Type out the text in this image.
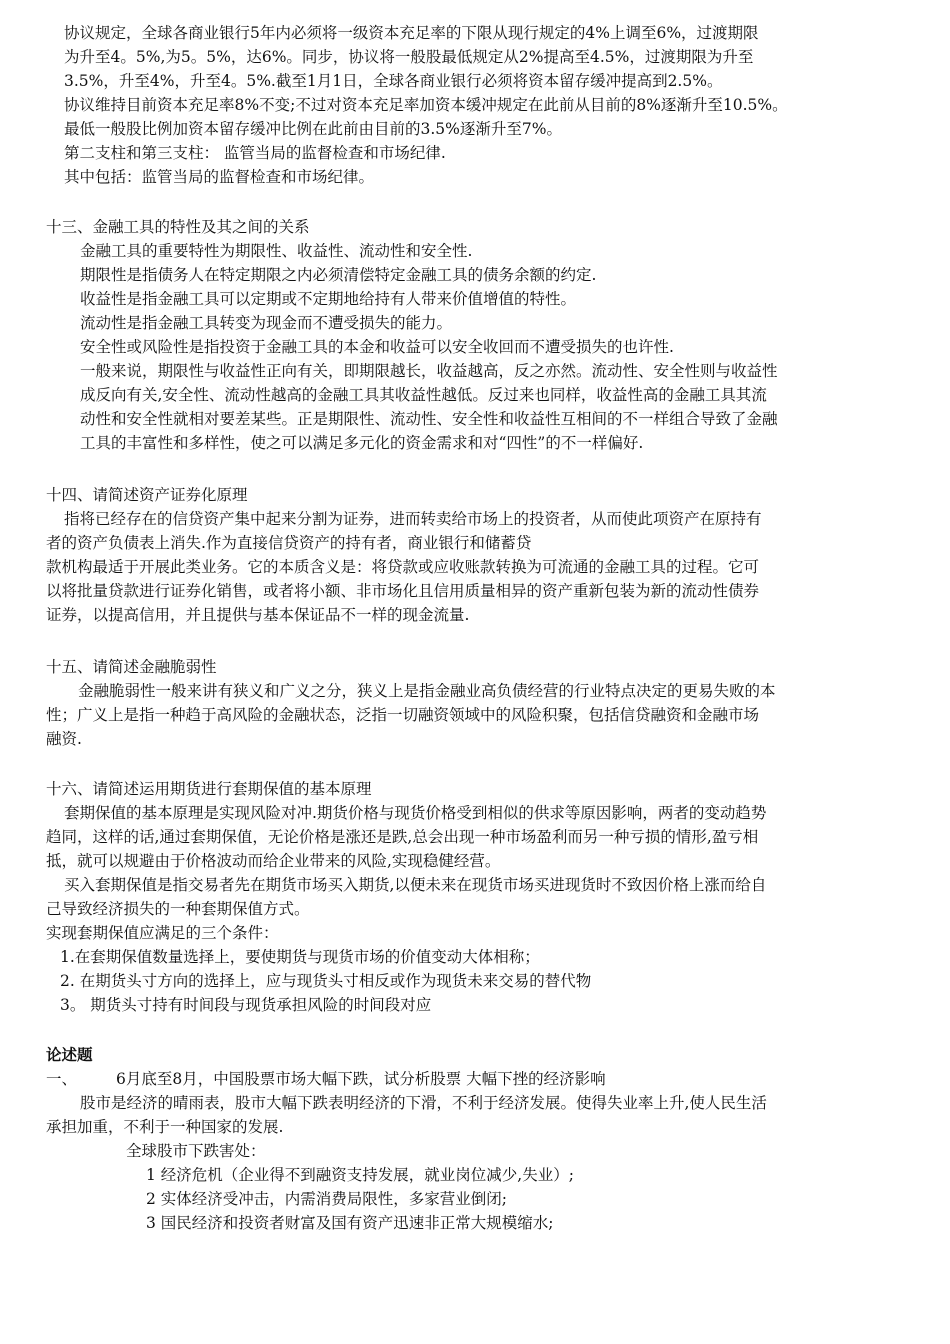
协议规定，全球各商业银行5年内必须将一级资本充足率的下限从现行规定的4%上调至6%，过渡期限
为升至4。5%,为5。5%，达6%。同步，协议将一般股最低规定从2%提高至4.5%，过渡期限为升至
3.5%，升至4%，升至4。5%.截至1月1日，全球各商业银行必须将资本留存缓冲提高到2.5%。
协议维持目前资本充足率8%不变;不过对资本充足率加资本缓冲规定在此前从目前的8%逐渐升至10.5%。
最低一般股比例加资本留存缓冲比例在此前由目前的3.5%逐渐升至7%。
第二支柱和第三支柱： 监管当局的监督检查和市场纪律.
其中包括：监管当局的监督检查和市场纪律。
十三、金融工具的特性及其之间的关系
金融工具的重要特性为期限性、收益性、流动性和安全性.
期限性是指债务人在特定期限之内必须清偿特定金融工具的债务余额的约定.
收益性是指金融工具可以定期或不定期地给持有人带来价值增值的特性。
流动性是指金融工具转变为现金而不遭受损失的能力。
安全性或风险性是指投资于金融工具的本金和收益可以安全收回而不遭受损失的也许性.
一般来说，期限性与收益性正向有关，即期限越长，收益越高，反之亦然。流动性、安全性则与收益性
成反向有关,安全性、流动性越高的金融工具其收益性越低。反过来也同样，收益性高的金融工具其流
动性和安全性就相对要差某些。正是期限性、流动性、安全性和收益性互相间的不一样组合导致了金融
工具的丰富性和多样性，使之可以满足多元化的资金需求和对“四性”的不一样偏好.
十四、请简述资产证券化原理
指将已经存在的信贷资产集中起来分割为证券，进而转卖给市场上的投资者，从而使此项资产在原持有
者的资产负债表上消失.作为直接信贷资产的持有者，商业银行和储蓄贷
款机构最适于开展此类业务。它的本质含义是：将贷款或应收账款转换为可流通的金融工具的过程。它可
以将批量贷款进行证券化销售，或者将小额、非市场化且信用质量相异的资产重新包装为新的流动性债券
证券，以提高信用，并且提供与基本保证品不一样的现金流量.
十五、请简述金融脆弱性
金融脆弱性一般来讲有狭义和广义之分，狭义上是指金融业高负债经营的行业特点决定的更易失败的本
性；广义上是指一种趋于高风险的金融状态，泛指一切融资领域中的风险积聚，包括信贷融资和金融市场
融资.
十六、请简述运用期货进行套期保值的基本原理
套期保值的基本原理是实现风险对冲.期货价格与现货价格受到相似的供求等原因影响，两者的变动趋势
趋同，这样的话,通过套期保值，无论价格是涨还是跌,总会出现一种市场盈利而另一种亏损的情形,盈亏相
抵，就可以规避由于价格波动而给企业带来的风险,实现稳健经营。
买入套期保值是指交易者先在期货市场买入期货,以便未来在现货市场买进现货时不致因价格上涨而给自
己导致经济损失的一种套期保值方式。
实现套期保值应满足的三个条件：
1.在套期保值数量选择上，要使期货与现货市场的价值变动大体相称；
2. 在期货头寸方向的选择上，应与现货头寸相反或作为现货未来交易的替代物
3。 期货头寸持有时间段与现货承担风险的时间段对应
论述题
一、	6月底至8月，中国股票市场大幅下跌，试分析股票 大幅下挫的经济影响
股市是经济的晴雨表，股市大幅下跌表明经济的下滑，不利于经济发展。使得失业率上升,使人民生活
承担加重，不利于一种国家的发展.
全球股市下跌害处：
1 经济危机（企业得不到融资支持发展，就业岗位减少,失业）;
2 实体经济受冲击，内需消费局限性，多家营业倒闭;
3 国民经济和投资者财富及国有资产迅速非正常大规模缩水;
